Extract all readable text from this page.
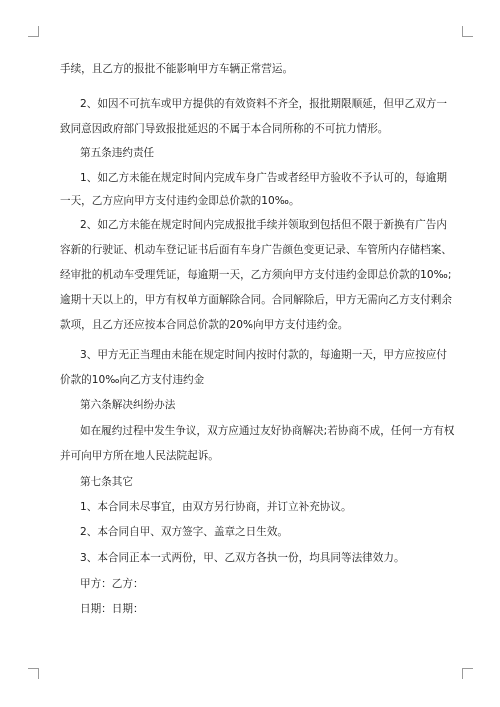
手续，且乙方的报批不能影响甲方车辆正常营运。
2、如因不可抗车或甲方提供的有效资料不齐全，报批期限顺延，但甲乙双方一
致同意因政府部门导致报批延迟的不属于本合同所称的不可抗力情形。
第五条违约责任
1、如乙方未能在规定时间内完成车身广告或者经甲方验收不予认可的，每逾期
一天，乙方应向甲方支付违约金即总价款的10‰。
2、如乙方未能在规定时间内完成报批手续并领取到包括但不限于新换有广告内
容新的行驶证、机动车登记证书后面有车身广告颜色变更记录、车管所内存储档案、
经审批的机动车受理凭证，每逾期一天，乙方须向甲方支付违约金即总价款的10‰;
逾期十天以上的，甲方有权单方面解除合同。合同解除后，甲方无需向乙方支付剩余
款项，且乙方还应按本合同总价款的20%向甲方支付违约金。
3、甲方无正当理由未能在规定时间内按时付款的，每逾期一天，甲方应按应付
价款的10‰向乙方支付违约金
第六条解决纠纷办法
如在履约过程中发生争议，双方应通过友好协商解决;若协商不成，任何一方有权
并可向甲方所在地人民法院起诉。
第七条其它
1、本合同未尽事宜，由双方另行协商，并订立补充协议。
2、本合同自甲、双方签字、盖章之日生效。
3、本合同正本一式两份，甲、乙双方各执一份，均具同等法律效力。
甲方：乙方：
日期：日期：
